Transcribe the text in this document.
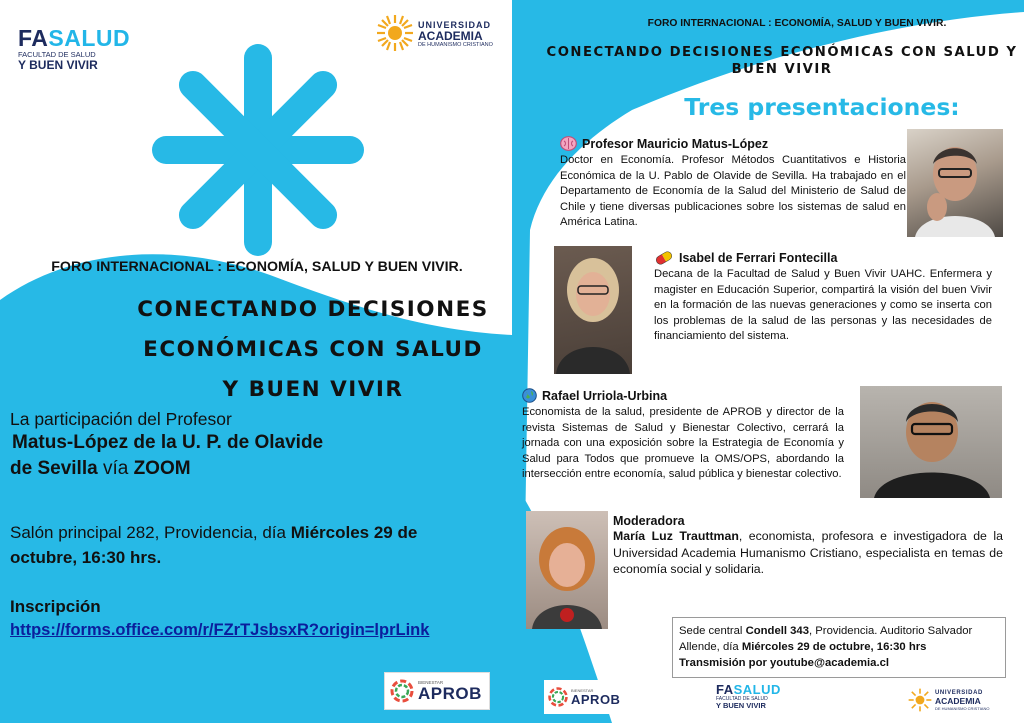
FASALUD
FACULTAD DE SALUD
Y BUEN VIVIR
UNIVERSIDAD
ACADEMIA
DE HUMANISMO CRISTIANO
FORO INTERNACIONAL : ECONOMÍA, SALUD Y BUEN VIVIR.
CONECTANDO DECISIONES
ECONÓMICAS CON SALUD
Y BUEN VIVIR
La participación del Profesor
Matus-López de la U. P. de Olavide
de Sevilla vía ZOOM
Salón principal 282, Providencia, día Miércoles 29 de
octubre, 16:30 hrs.
Inscripción
https://forms.office.com/r/FZrTJsbsxR?origin=lprLink
BIENESTAR
APROB
FORO INTERNACIONAL : ECONOMÍA, SALUD Y BUEN VIVIR.
CONECTANDO DECISIONES ECONÓMICAS CON SALUD Y
BUEN VIVIR
Tres presentaciones:
Profesor Mauricio Matus-López
Doctor en Economía. Profesor Métodos Cuantitativos e Historia Económica de la U. Pablo de Olavide de Sevilla. Ha trabajado en el Departamento de Economía de la Salud del Ministerio de Salud de Chile y tiene diversas publicaciones sobre los sistemas de salud en América Latina.
Isabel de Ferrari Fontecilla
Decana de la Facultad de Salud y Buen Vivir UAHC. Enfermera y magister en Educación Superior, compartirá la visión del buen Vivir en la formación de las nuevas generaciones y como se inserta con los problemas de la salud de las personas y las necesidades de financiamiento del sistema.
Rafael Urriola-Urbina
Economista de la salud, presidente de APROB y director de la revista Sistemas de Salud y Bienestar Colectivo, cerrará la jornada con una exposición sobre la Estrategia de Economía y Salud para Todos que promueve la OMS/OPS, abordando la intersección entre economía, salud pública y bienestar colectivo.
Moderadora
María Luz Trauttman, economista, profesora e investigadora de la Universidad Academia Humanismo Cristiano, especialista en temas de economía social y solidaria.
Sede central Condell 343, Providencia. Auditorio Salvador Allende, día Miércoles 29 de octubre, 16:30 hrs
Transmisión por youtube@academia.cl
BIENESTAR
APROB
FASALUD
FACULTAD DE SALUD
Y BUEN VIVIR
UNIVERSIDAD
ACADEMIA
DE HUMANISMO CRISTIANO
